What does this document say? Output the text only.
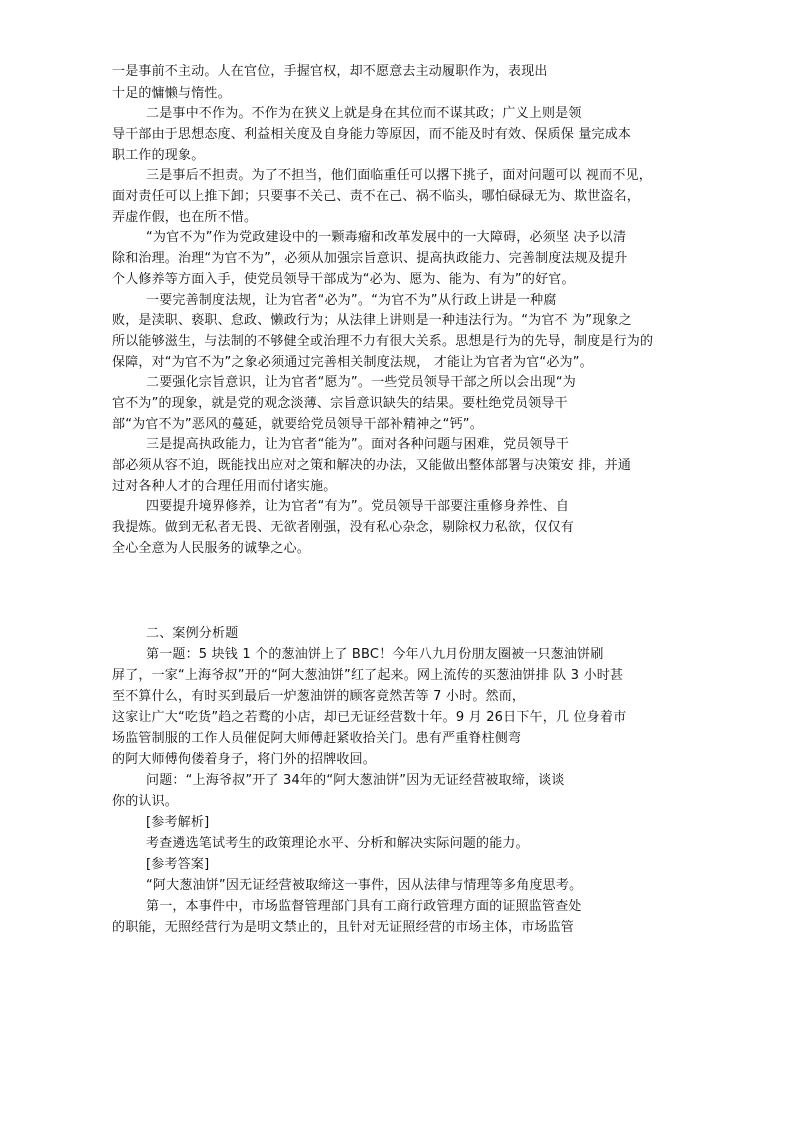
一是事前不主动。人在官位，手握官权，却不愿意去主动履职作为，表现出
十足的慵懒与惰性。
二是事中不作为。不作为在狭义上就是身在其位而不谋其政；广义上则是领
导干部由于思想态度、利益相关度及自身能力等原因，而不能及时有效、保质保 量完成本
职工作的现象。
三是事后不担责。为了不担当，他们面临重任可以撂下挑子，面对问题可以 视而不见，
面对责任可以上推下卸；只要事不关己、责不在己、祸不临头，哪怕碌碌无为、欺世盗名，
弄虚作假，也在所不惜。
“为官不为”作为党政建设中的一颗毒瘤和改革发展中的一大障碍，必须坚 决予以清
除和治理。治理“为官不为”，必须从加强宗旨意识、提高执政能力、完善制度法规及提升
个人修养等方面入手，使党员领导干部成为“必为、愿为、能为、有为”的好官。
一要完善制度法规，让为官者“必为”。“为官不为”从行政上讲是一种腐
败，是渎职、亵职、怠政、懒政行为；从法律上讲则是一种违法行为。“为官不 为”现象之
所以能够滋生，与法制的不够健全或治理不力有很大关系。思想是行为的先导，制度是行为的
保障，对“为官不为”之象必须通过完善相关制度法规， 才能让为官者为官“必为”。
二要强化宗旨意识，让为官者“愿为”。一些党员领导干部之所以会出现“为
官不为”的现象，就是党的观念淡薄、宗旨意识缺失的结果。要杜绝党员领导干
部“为官不为”恶风的蔓延，就要给党员领导干部补精神之“钙”。
三是提高执政能力，让为官者“能为”。面对各种问题与困难，党员领导干
部必须从容不迫，既能找出应对之策和解决的办法，又能做出整体部署与决策安 排，并通
过对各种人才的合理任用而付诸实施。
四要提升境界修养，让为官者“有为”。党员领导干部要注重修身养性、自
我提炼。做到无私者无畏、无欲者刚强，没有私心杂念，剔除权力私欲，仅仅有
全心全意为人民服务的诚挚之心。
二、案例分析题
第一题：5 块钱 1 个的葱油饼上了 BBC！今年八九月份朋友圈被一只葱油饼刷
屏了，一家“上海爷叔”开的“阿大葱油饼”红了起来。网上流传的买葱油饼排 队 3 小时甚
至不算什么，有时买到最后一炉葱油饼的顾客竟然苦等 7 小时。然而，
这家让广大“吃货”趋之若鹜的小店，却已无证经营数十年。9 月 26日下午，几 位身着市
场监管制服的工作人员催促阿大师傅赶紧收拾关门。患有严重脊柱侧弯
的阿大师傅佝偻着身子，将门外的招牌收回。
问题：“上海爷叔”开了 34年的“阿大葱油饼”因为无证经营被取缔，谈谈
你的认识。
[参考解析]
考查遴选笔试考生的政策理论水平、分析和解决实际问题的能力。
[参考答案]
“阿大葱油饼”因无证经营被取缔这一事件，因从法律与情理等多角度思考。
第一，本事件中，市场监督管理部门具有工商行政管理方面的证照监管查处
的职能，无照经营行为是明文禁止的，且针对无证照经营的市场主体，市场监管
